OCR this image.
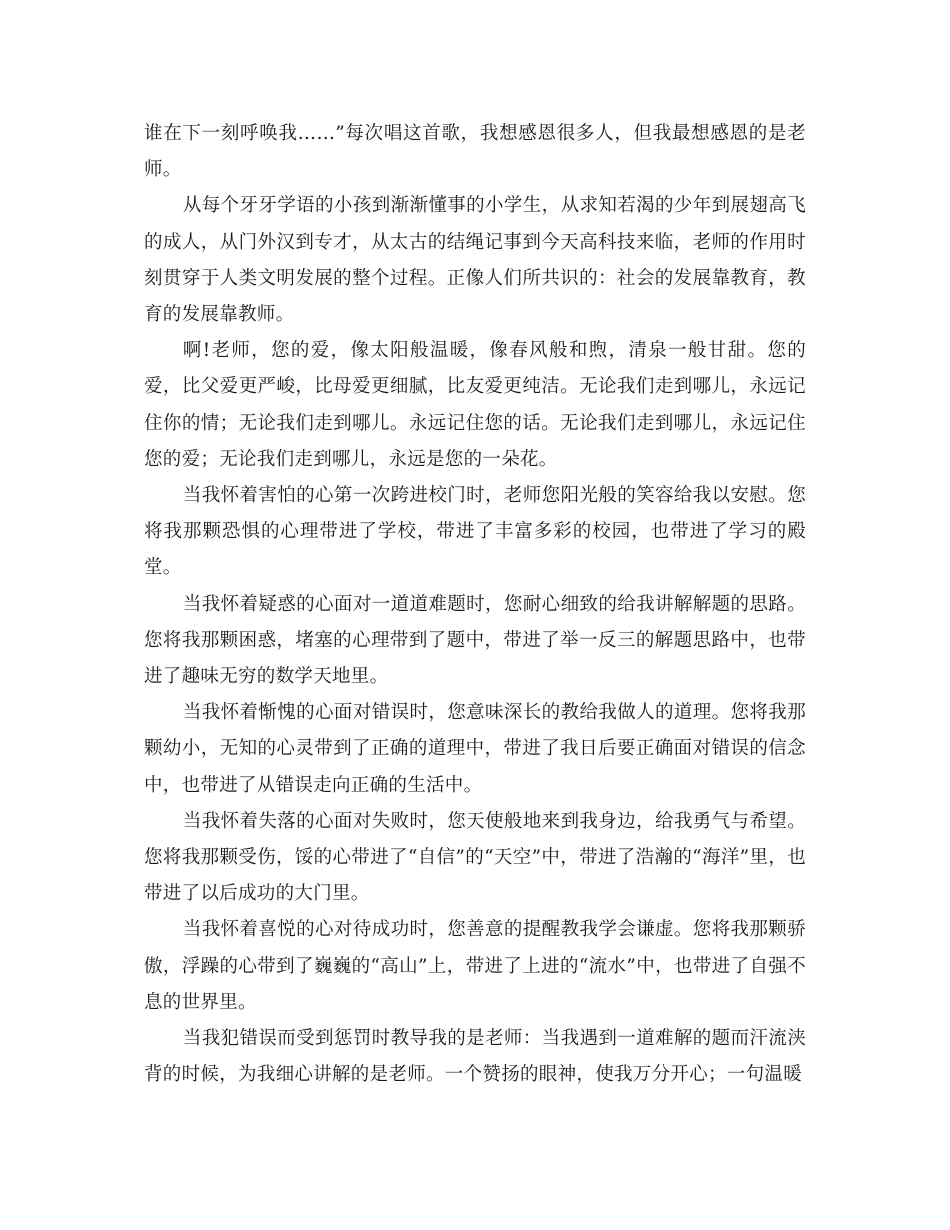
谁在下一刻呼唤我……”每次唱这首歌，我想感恩很多人，但我最想感恩的是老师。

从每个牙牙学语的小孩到渐渐懂事的小学生，从求知若渴的少年到展翅高飞的成人，从门外汉到专才，从太古的结绳记事到今天高科技来临，老师的作用时刻贯穿于人类文明发展的整个过程。正像人们所共识的：社会的发展靠教育，教育的发展靠教师。

啊!老师，您的爱，像太阳般温暖，像春风般和煦，清泉一般甘甜。您的爱，比父爱更严峻，比母爱更细腻，比友爱更纯洁。无论我们走到哪儿，永远记住你的情；无论我们走到哪儿。永远记住您的话。无论我们走到哪儿，永远记住您的爱；无论我们走到哪儿，永远是您的一朵花。

当我怀着害怕的心第一次跨进校门时，老师您阳光般的笑容给我以安慰。您将我那颗恐惧的心理带进了学校，带进了丰富多彩的校园，也带进了学习的殿堂。

当我怀着疑惑的心面对一道道难题时，您耐心细致的给我讲解解题的思路。您将我那颗困惑，堵塞的心理带到了题中，带进了举一反三的解题思路中，也带进了趣味无穷的数学天地里。

当我怀着惭愧的心面对错误时，您意味深长的教给我做人的道理。您将我那颗幼小，无知的心灵带到了正确的道理中，带进了我日后要正确面对错误的信念中，也带进了从错误走向正确的生活中。

当我怀着失落的心面对失败时，您天使般地来到我身边，给我勇气与希望。您将我那颗受伤，馁的心带进了“自信”的“天空”中，带进了浩瀚的“海洋”里，也带进了以后成功的大门里。

当我怀着喜悦的心对待成功时，您善意的提醒教我学会谦虚。您将我那颗骄傲，浮躁的心带到了巍巍的“高山”上，带进了上进的“流水”中，也带进了自强不息的世界里。

当我犯错误而受到惩罚时教导我的是老师：当我遇到一道难解的题而汗流浃背的时候，为我细心讲解的是老师。一个赞扬的眼神，使我万分开心；一句温暖
